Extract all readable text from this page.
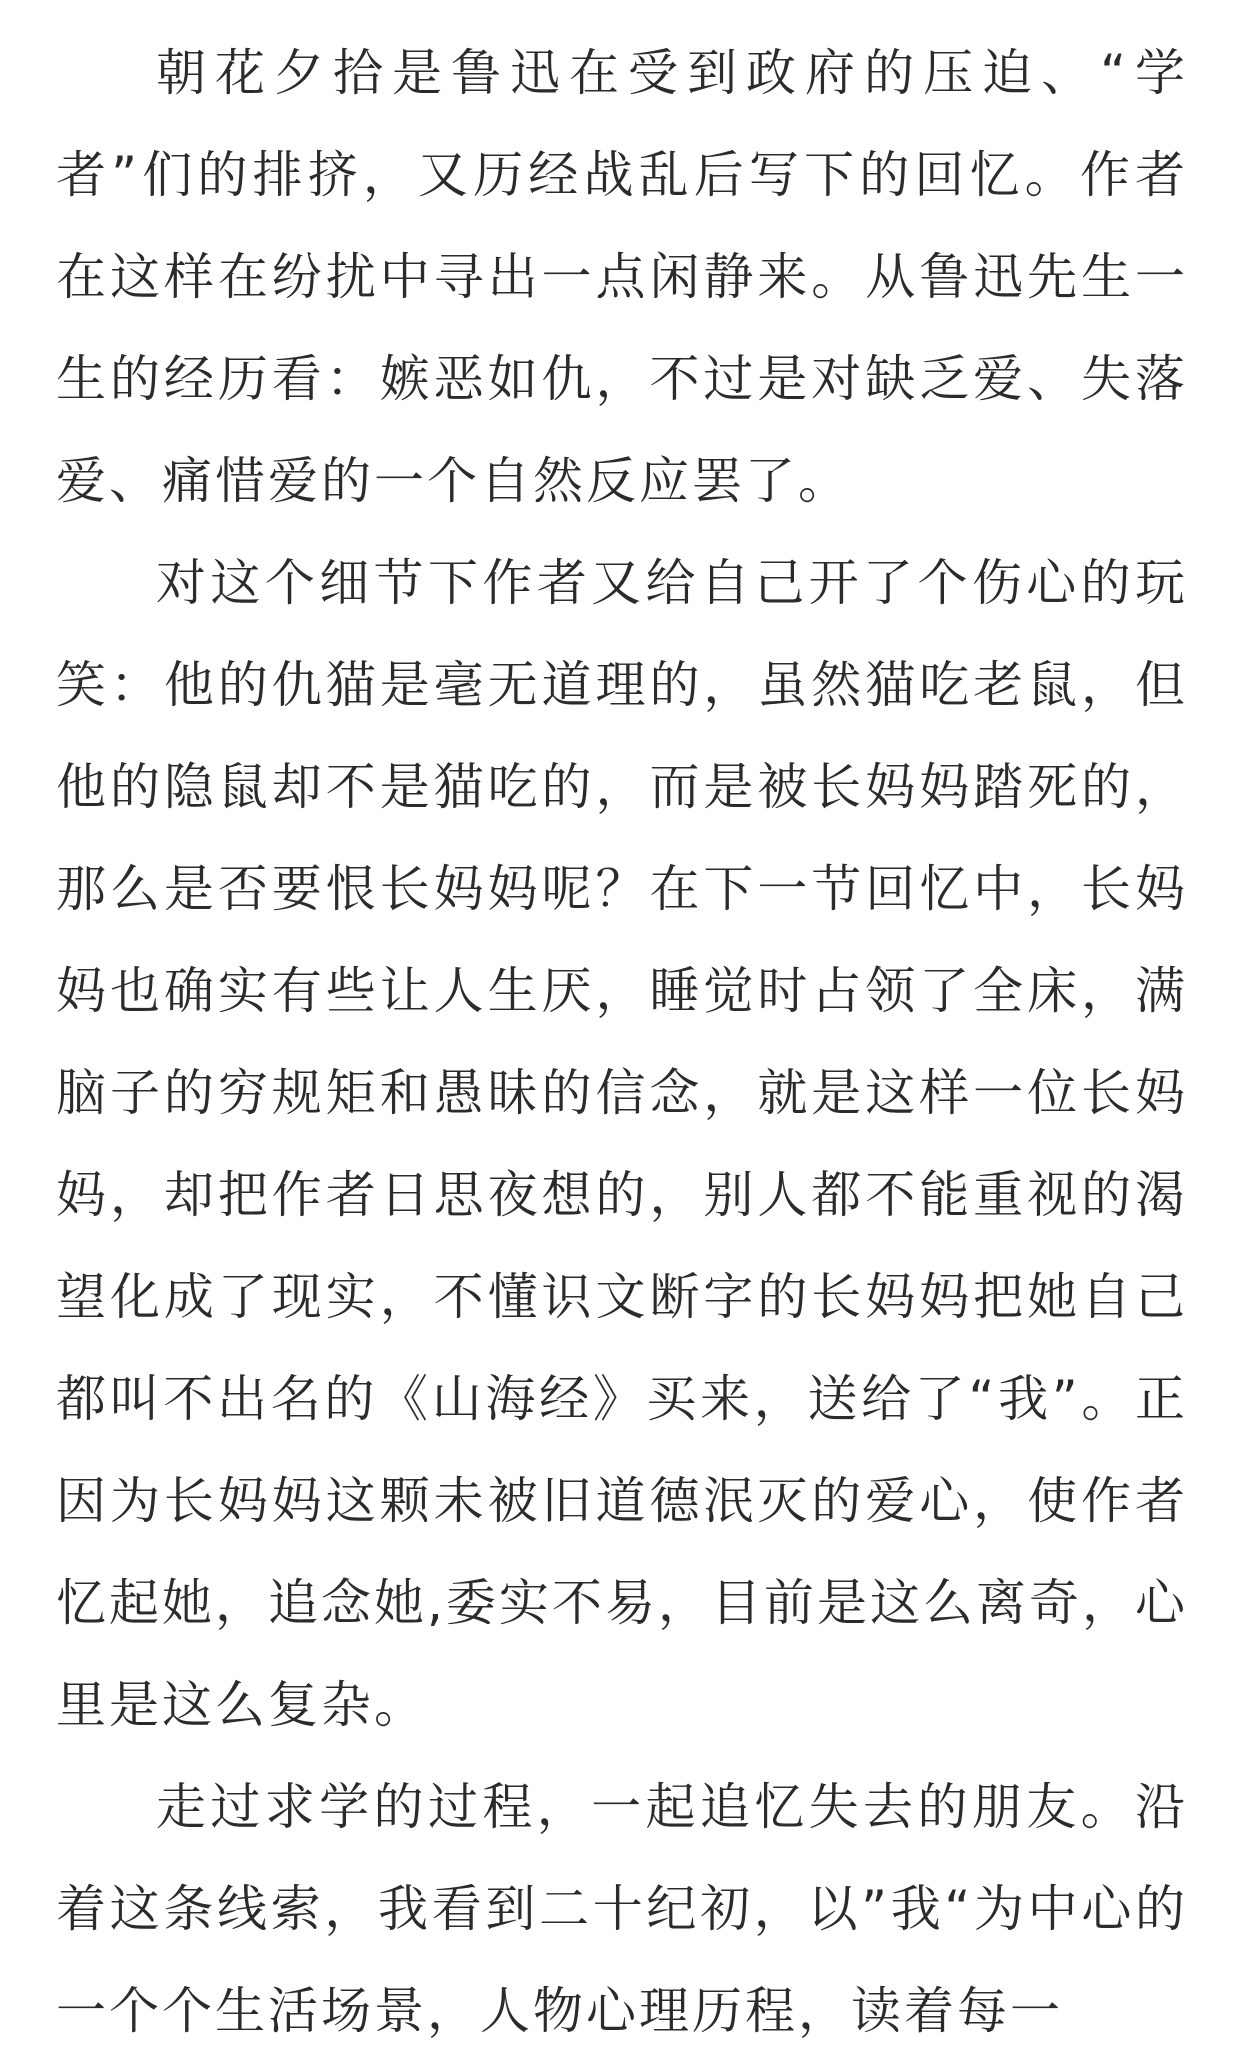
朝花夕拾是鲁迅在受到政府的压迫、“学者”们的排挤，又历经战乱后写下的回忆。作者在这样在纷扰中寻出一点闲静来。从鲁迅先生一生的经历看：嫉恶如仇，不过是对缺乏爱、失落爱、痛惜爱的一个自然反应罢了。

对这个细节下作者又给自己开了个伤心的玩笑：他的仇猫是毫无道理的，虽然猫吃老鼠，但他的隐鼠却不是猫吃的，而是被长妈妈踏死的，那么是否要恨长妈妈呢？在下一节回忆中，长妈妈也确实有些让人生厌，睡觉时占领了全床，满脑子的穷规矩和愚昧的信念，就是这样一位长妈妈，却把作者日思夜想的，别人都不能重视的渴望化成了现实，不懂识文断字的长妈妈把她自己都叫不出名的《山海经》买来，送给了“我”。正因为长妈妈这颗未被旧道德泯灭的爱心，使作者忆起她，追念她,委实不易，目前是这么离奇，心里是这么复杂。

走过求学的过程，一起追忆失去的朋友。沿着这条线索，我看到二十纪初，以”我“为中心的一个个生活场景，人物心理历程，读着每一
